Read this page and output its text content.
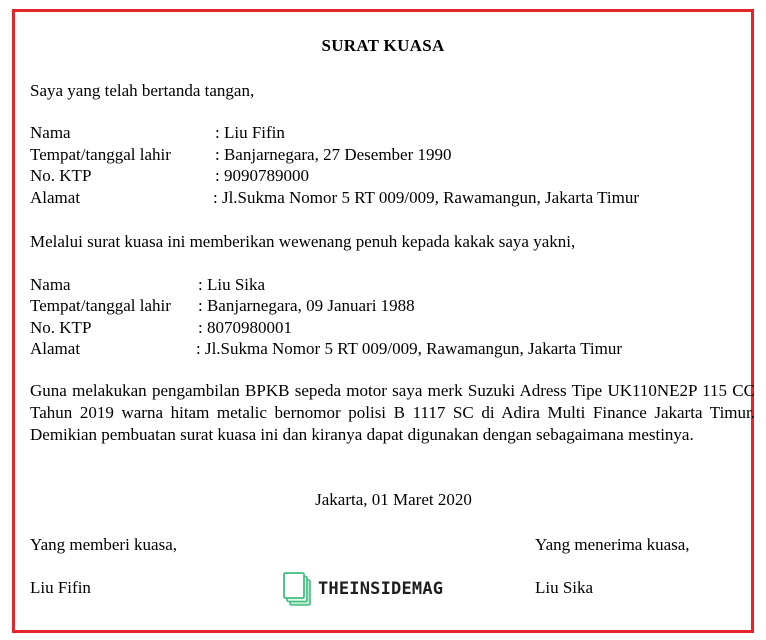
SURAT KUASA
Saya yang telah bertanda tangan,
Nama	: Liu Fifin
Tempat/tanggal lahir	: Banjarnegara, 27 Desember 1990
No. KTP	: 9090789000
Alamat	: Jl.Sukma Nomor 5 RT 009/009, Rawamangun, Jakarta Timur
Melalui surat kuasa ini memberikan wewenang penuh kepada kakak saya yakni,
Nama	: Liu Sika
Tempat/tanggal lahir : Banjarnegara, 09 Januari 1988
No. KTP	: 8070980001
Alamat	: Jl.Sukma Nomor 5 RT 009/009, Rawamangun, Jakarta Timur
Guna melakukan pengambilan BPKB sepeda motor saya merk Suzuki Adress Tipe UK110NE2P 115 CC Tahun 2019 warna hitam metalic bernomor polisi B 1117 SC di Adira Multi Finance Jakarta Timur. Demikian pembuatan surat kuasa ini dan kiranya dapat digunakan dengan sebagaimana mestinya.
Jakarta, 01 Maret 2020
Yang memberi kuasa,	Yang menerima kuasa,
Liu Fifin	Liu Sika
THEINSIDEMAG
